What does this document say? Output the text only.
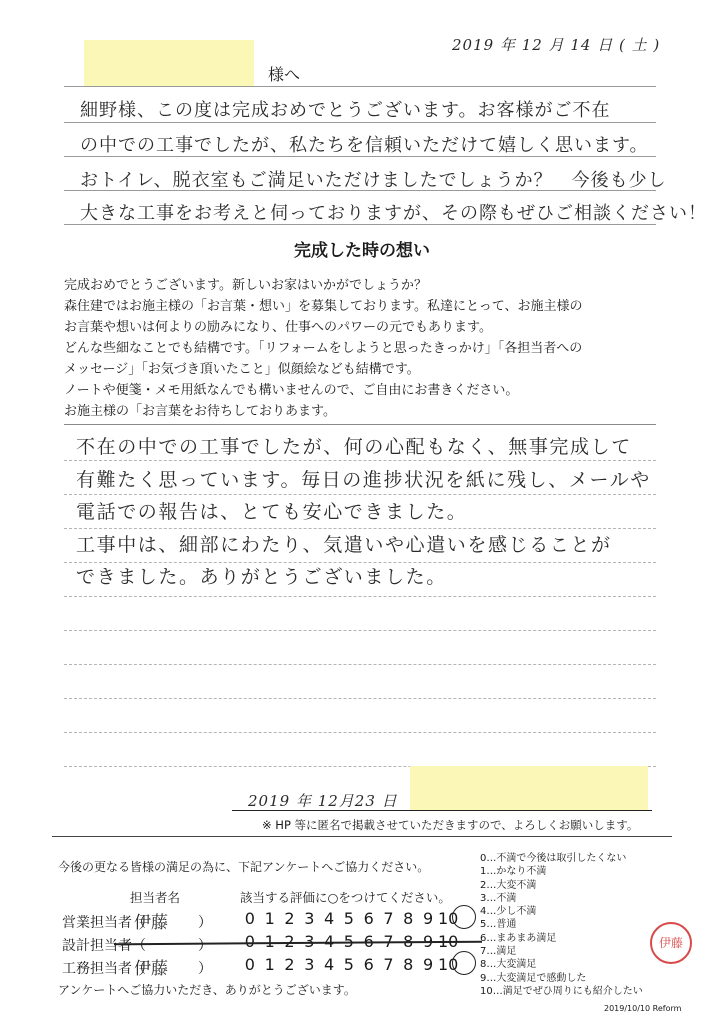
2019 年 12 月 14 日 ( 土 )
様へ
細野様、この度は完成おめでとうございます。お客様がご不在
の中での工事でしたが、私たちを信頼いただけて嬉しく思います。
おトイレ、脱衣室もご満足いただけましたでしょうか？　今後も少し
大きな工事をお考えと伺っておりますが、その際もぜひご相談ください！
完成した時の想い
完成おめでとうございます。新しいお家はいかがでしょうか？
森住建ではお施主様の「お言葉・想い」を募集しております。私達にとって、お施主様の
お言葉や想いは何よりの励みになり、仕事へのパワーの元でもあります。
どんな些細なことでも結構です。「リフォームをしようと思ったきっかけ」「各担当者への
メッセージ」「お気づき頂いたこと」似顔絵なども結構です。
ノートや便箋・メモ用紙なんでも構いませんので、ご自由にお書きください。
お施主様の「お言葉をお待ちしておりあます。
不在の中での工事でしたが、何の心配もなく、無事完成して
有難たく思っています。毎日の進捗状況を紙に残し、メールや
電話での報告は、とても安心できました。
工事中は、細部にわたり、気遣いや心遣いを感じることが
できました。ありがとうございました。
2019 年 12月23 日
※ HP 等に匿名で掲載させていただきますので、よろしくお願いします。
今後の更なる皆様の満足の為に、下記アンケートへご協力ください。
担当者名	該当する評価に○をつけてください。
営業担当者（
伊藤 ） 0 1 2 3 4 5 6 7 8 9 10
設計担当者（	） 0 1 2 3 4 5 6 7 8 9 10
工務担当者（
伊藤 ） 0 1 2 3 4 5 6 7 8 9 10
アンケートへご協力いただき、ありがとうございます。
0…不満で今後は取引したくない
1…かなり不満
2…大変不満
3…不満
4…少し不満
5…普通
6…まあまあ満足
7…満足
8…大変満足
9…大変満足で感動した
10…満足でぜひ周りにも紹介したい
伊藤
2019/10/10 Reform
